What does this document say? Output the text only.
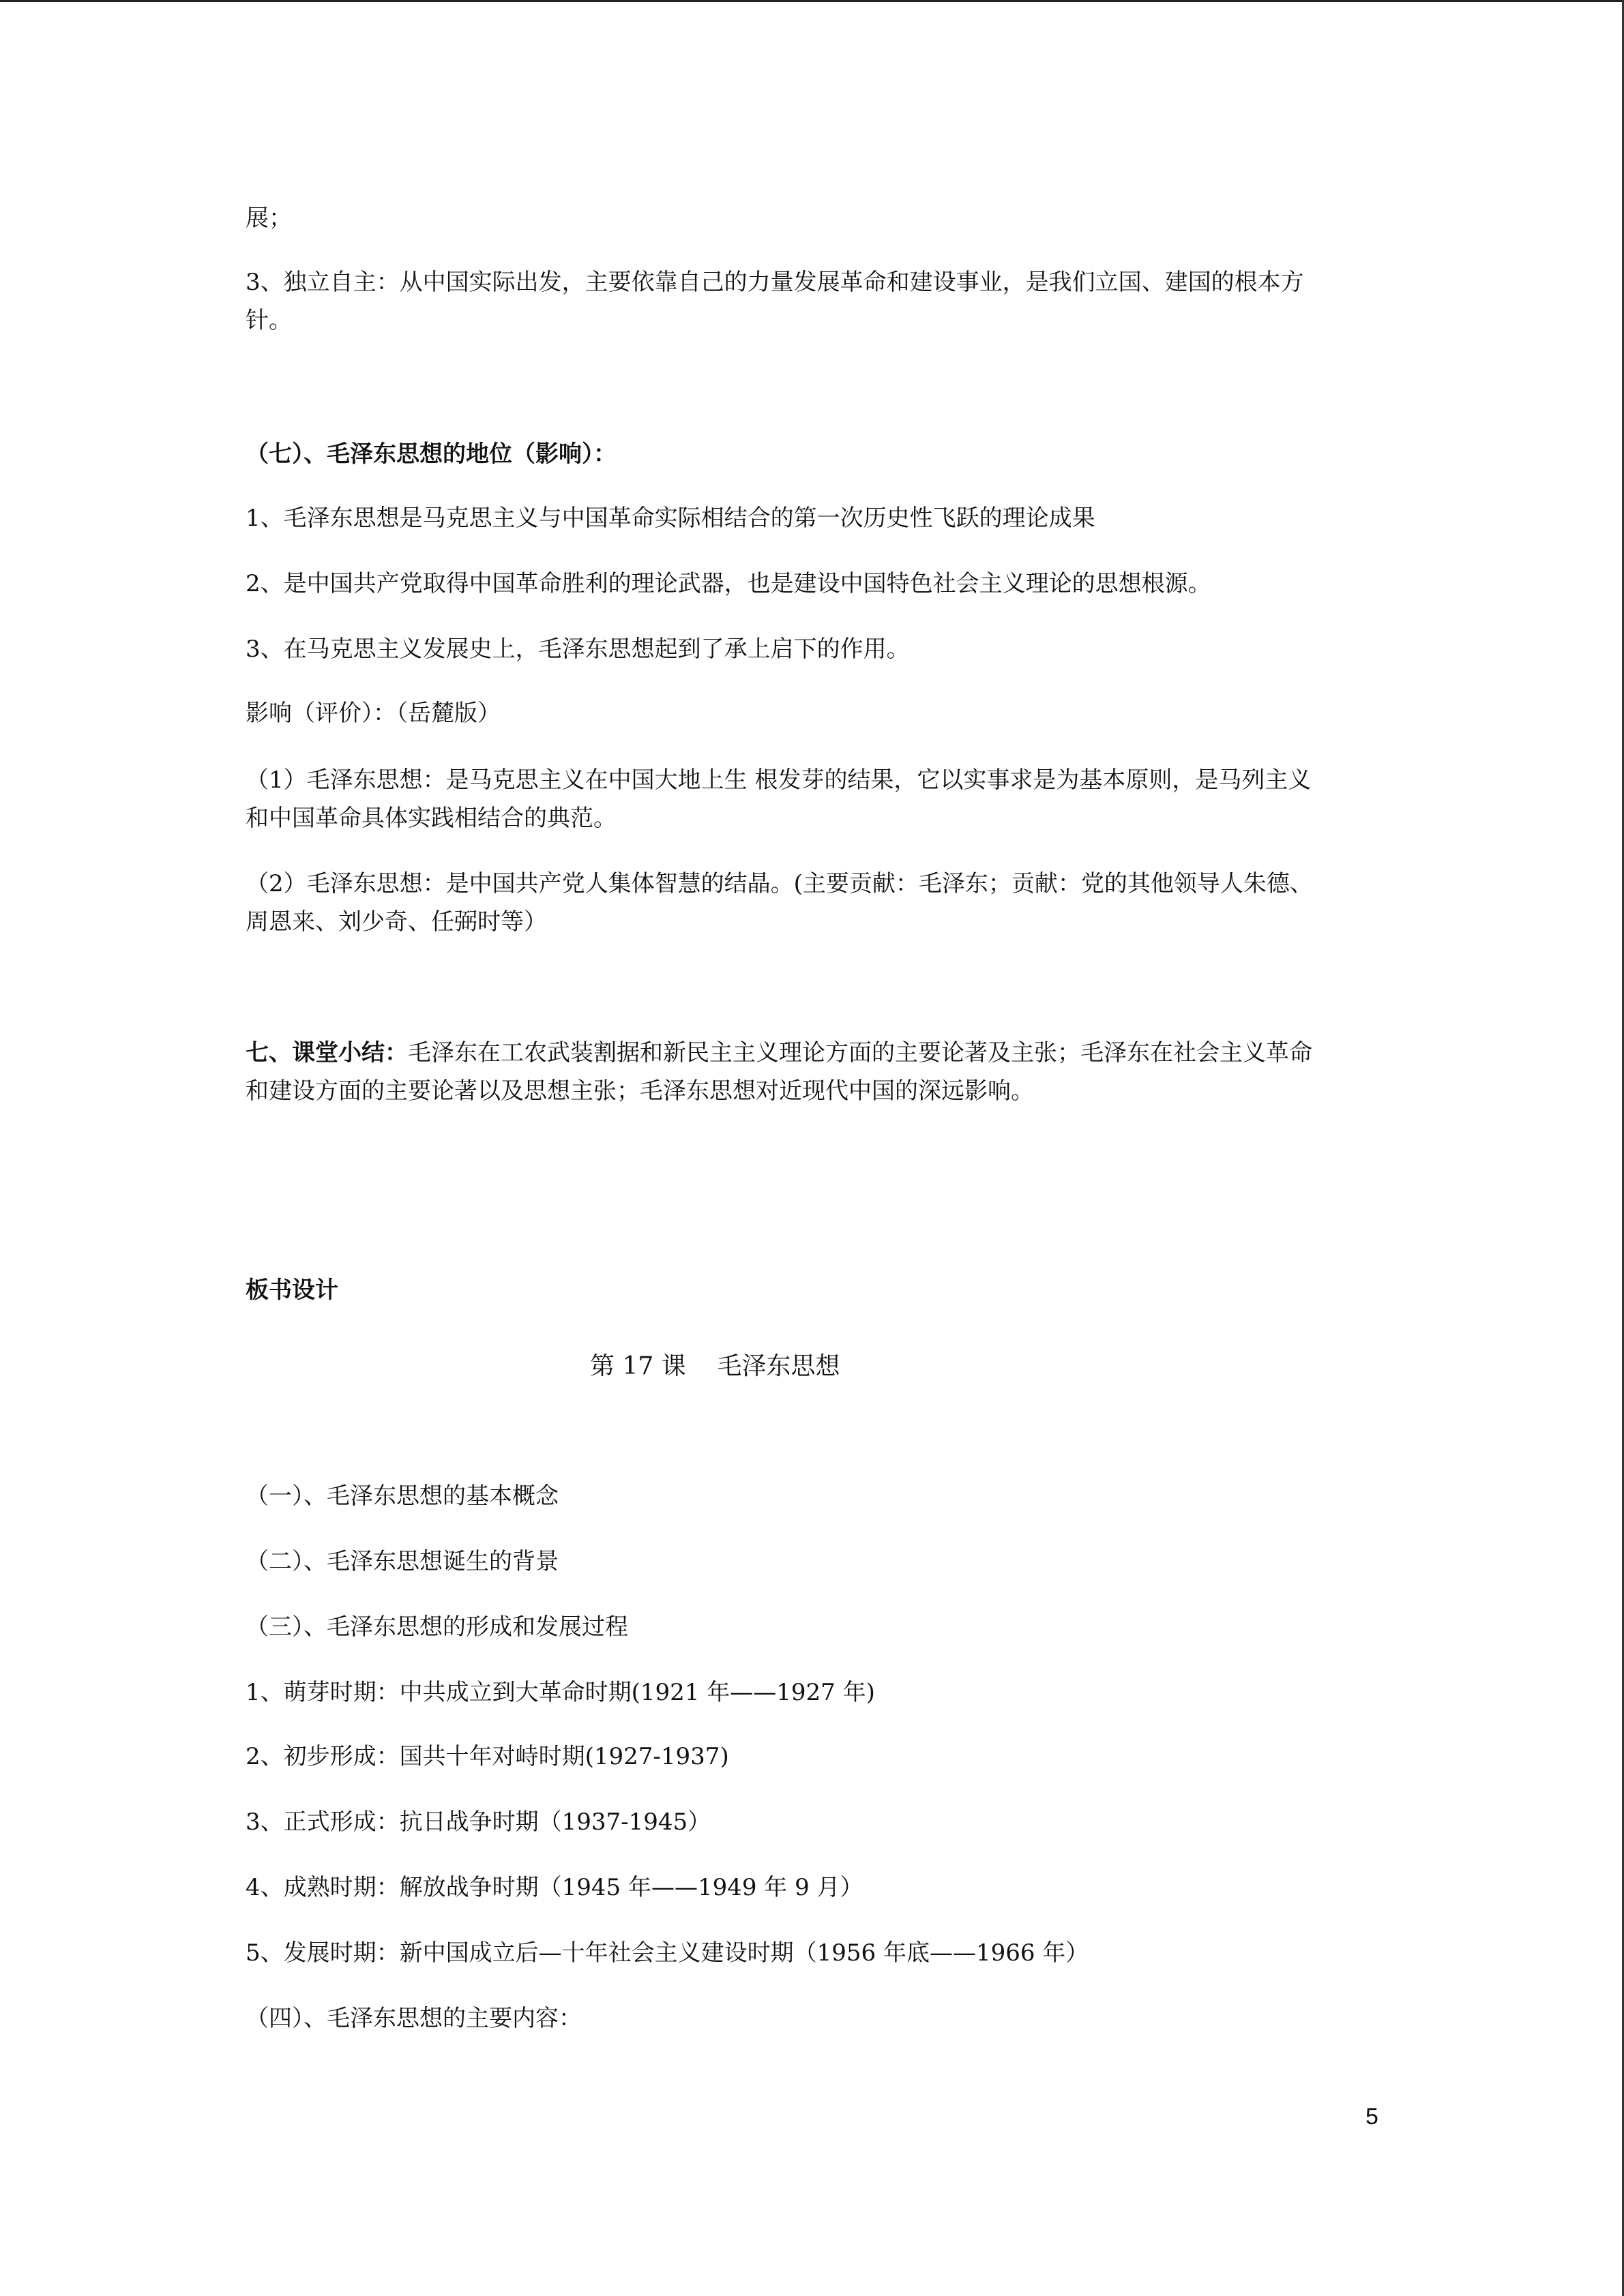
展；
3、独立自主：从中国实际出发，主要依靠自己的力量发展革命和建设事业，是我们立国、建国的根本方
针。
（七）、毛泽东思想的地位（影响）：
1、毛泽东思想是马克思主义与中国革命实际相结合的第一次历史性飞跃的理论成果
2、是中国共产党取得中国革命胜利的理论武器，也是建设中国特色社会主义理论的思想根源。
3、在马克思主义发展史上，毛泽东思想起到了承上启下的作用。
影响（评价）：（岳麓版）
（1）毛泽东思想：是马克思主义在中国大地上生 根发芽的结果，它以实事求是为基本原则，是马列主义
和中国革命具体实践相结合的典范。
（2）毛泽东思想：是中国共产党人集体智慧的结晶。(主要贡献：毛泽东；贡献：党的其他领导人朱德、
周恩来、刘少奇、任弼时等）
七、课堂小结：毛泽东在工农武装割据和新民主主义理论方面的主要论著及主张；毛泽东在社会主义革命
和建设方面的主要论著以及思想主张；毛泽东思想对近现代中国的深远影响。
板书设计
第 17 课    毛泽东思想
（一）、毛泽东思想的基本概念
（二）、毛泽东思想诞生的背景
（三）、毛泽东思想的形成和发展过程
1、萌芽时期：中共成立到大革命时期(1921 年——1927 年)
2、初步形成：国共十年对峙时期(1927-1937)
3、正式形成：抗日战争时期（1937-1945）
4、成熟时期：解放战争时期（1945 年——1949 年 9 月）
5、发展时期：新中国成立后—十年社会主义建设时期（1956 年底——1966 年）
（四）、毛泽东思想的主要内容：
5
